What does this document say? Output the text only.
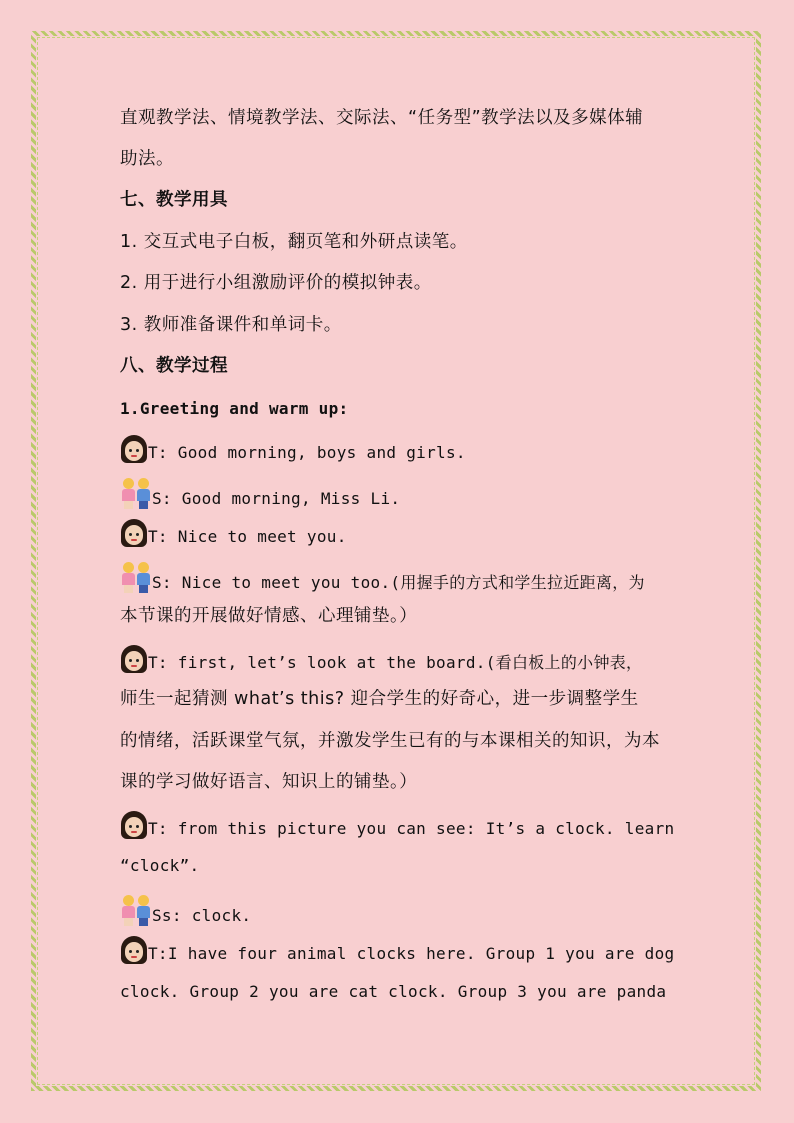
直观教学法、情境教学法、交际法、“任务型”教学法以及多媒体辅
助法。
七、教学用具
1. 交互式电子白板，翻页笔和外研点读笔。
2. 用于进行小组激励评价的模拟钟表。
3. 教师准备课件和单词卡。
八、教学过程
1.Greeting and warm up:
T: Good morning, boys and girls.
S: Good morning, Miss Li.
T: Nice to meet you.
S: Nice to meet you too.(用握手的方式和学生拉近距离，为
本节课的开展做好情感、心理铺垫。）
T: first, let’s look at the board.(看白板上的小钟表，
师生一起猜测 what’s this? 迎合学生的好奇心，进一步调整学生
的情绪，活跃课堂气氛，并激发学生已有的与本课相关的知识，为本
课的学习做好语言、知识上的铺垫。）
T: from this picture you can see: It’s a clock. learn
“clock”.
Ss: clock.
T:I have four animal clocks here. Group 1 you are dog
clock. Group 2 you are cat clock. Group 3 you are panda
